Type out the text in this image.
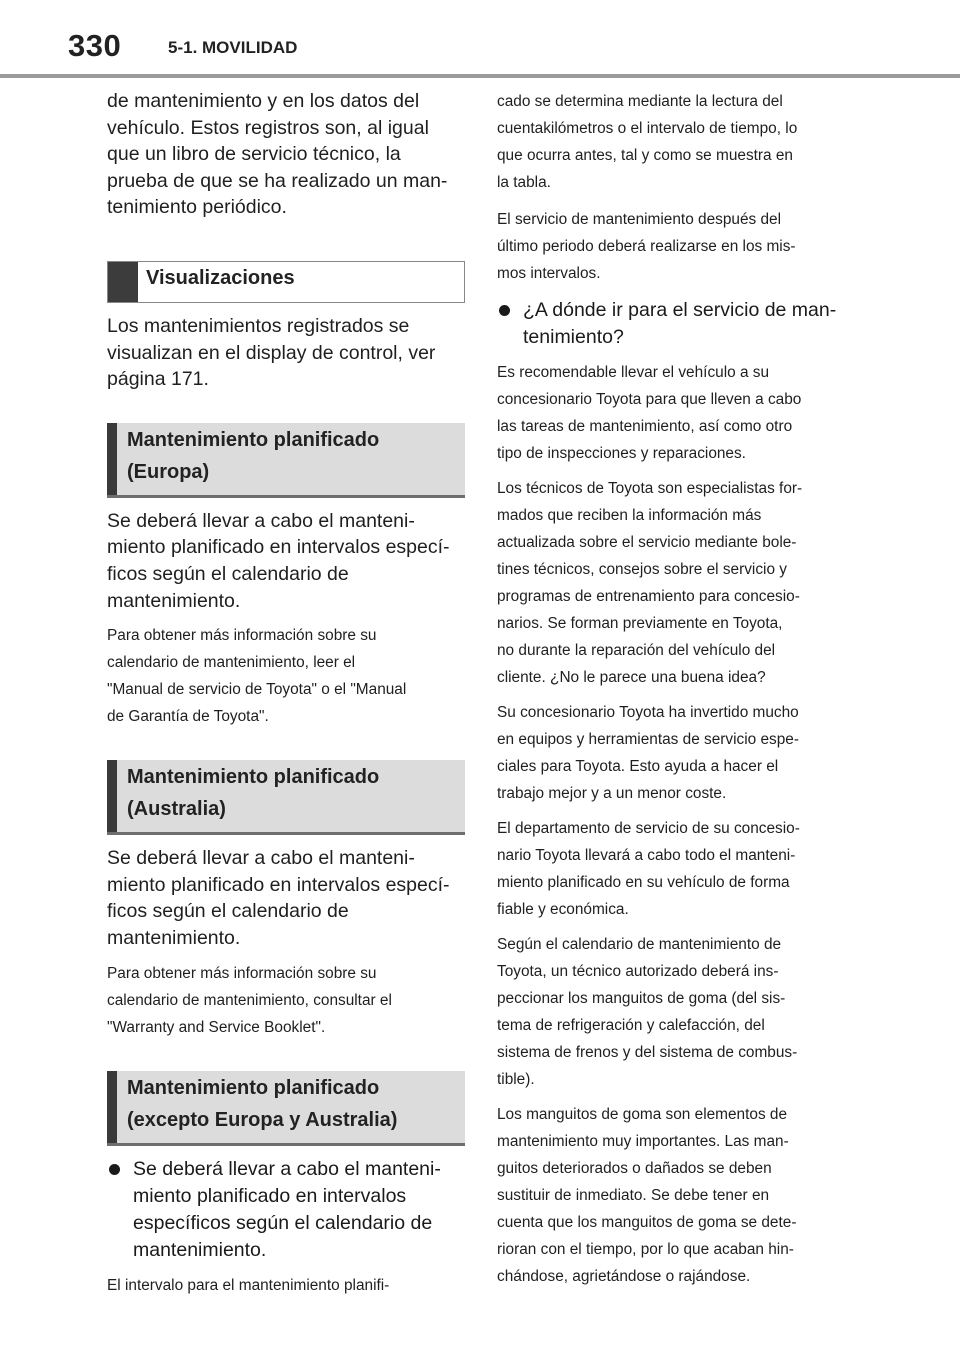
330	5-1. MOVILIDAD

de mantenimiento y en los datos del
vehículo. Estos registros son, al igual
que un libro de servicio técnico, la
prueba de que se ha realizado un man-
tenimiento periódico.

Visualizaciones

Los mantenimientos registrados se
visualizan en el display de control, ver
página 171.

Mantenimiento planificado
(Europa)

Se deberá llevar a cabo el manteni-
miento planificado en intervalos especí-
ficos según el calendario de
mantenimiento.

Para obtener más información sobre su
calendario de mantenimiento, leer el
"Manual de servicio de Toyota" o el "Manual
de Garantía de Toyota".

Mantenimiento planificado
(Australia)

Se deberá llevar a cabo el manteni-
miento planificado en intervalos especí-
ficos según el calendario de
mantenimiento.

Para obtener más información sobre su
calendario de mantenimiento, consultar el
"Warranty and Service Booklet".

Mantenimiento planificado
(excepto Europa y Australia)

Se deberá llevar a cabo el manteni-
miento planificado en intervalos
específicos según el calendario de
mantenimiento.

El intervalo para el mantenimiento planifi-

cado se determina mediante la lectura del
cuentakilómetros o el intervalo de tiempo, lo
que ocurra antes, tal y como se muestra en
la tabla.

El servicio de mantenimiento después del
último periodo deberá realizarse en los mis-
mos intervalos.

¿A dónde ir para el servicio de man-
tenimiento?

Es recomendable llevar el vehículo a su
concesionario Toyota para que lleven a cabo
las tareas de mantenimiento, así como otro
tipo de inspecciones y reparaciones.

Los técnicos de Toyota son especialistas for-
mados que reciben la información más
actualizada sobre el servicio mediante bole-
tines técnicos, consejos sobre el servicio y
programas de entrenamiento para concesio-
narios. Se forman previamente en Toyota,
no durante la reparación del vehículo del
cliente. ¿No le parece una buena idea?

Su concesionario Toyota ha invertido mucho
en equipos y herramientas de servicio espe-
ciales para Toyota. Esto ayuda a hacer el
trabajo mejor y a un menor coste.

El departamento de servicio de su concesio-
nario Toyota llevará a cabo todo el manteni-
miento planificado en su vehículo de forma
fiable y económica.

Según el calendario de mantenimiento de
Toyota, un técnico autorizado deberá ins-
peccionar los manguitos de goma (del sis-
tema de refrigeración y calefacción, del
sistema de frenos y del sistema de combus-
tible).

Los manguitos de goma son elementos de
mantenimiento muy importantes. Las man-
guitos deteriorados o dañados se deben
sustituir de inmediato. Se debe tener en
cuenta que los manguitos de goma se dete-
rioran con el tiempo, por lo que acaban hin-
chándose, agrietándose o rajándose.
